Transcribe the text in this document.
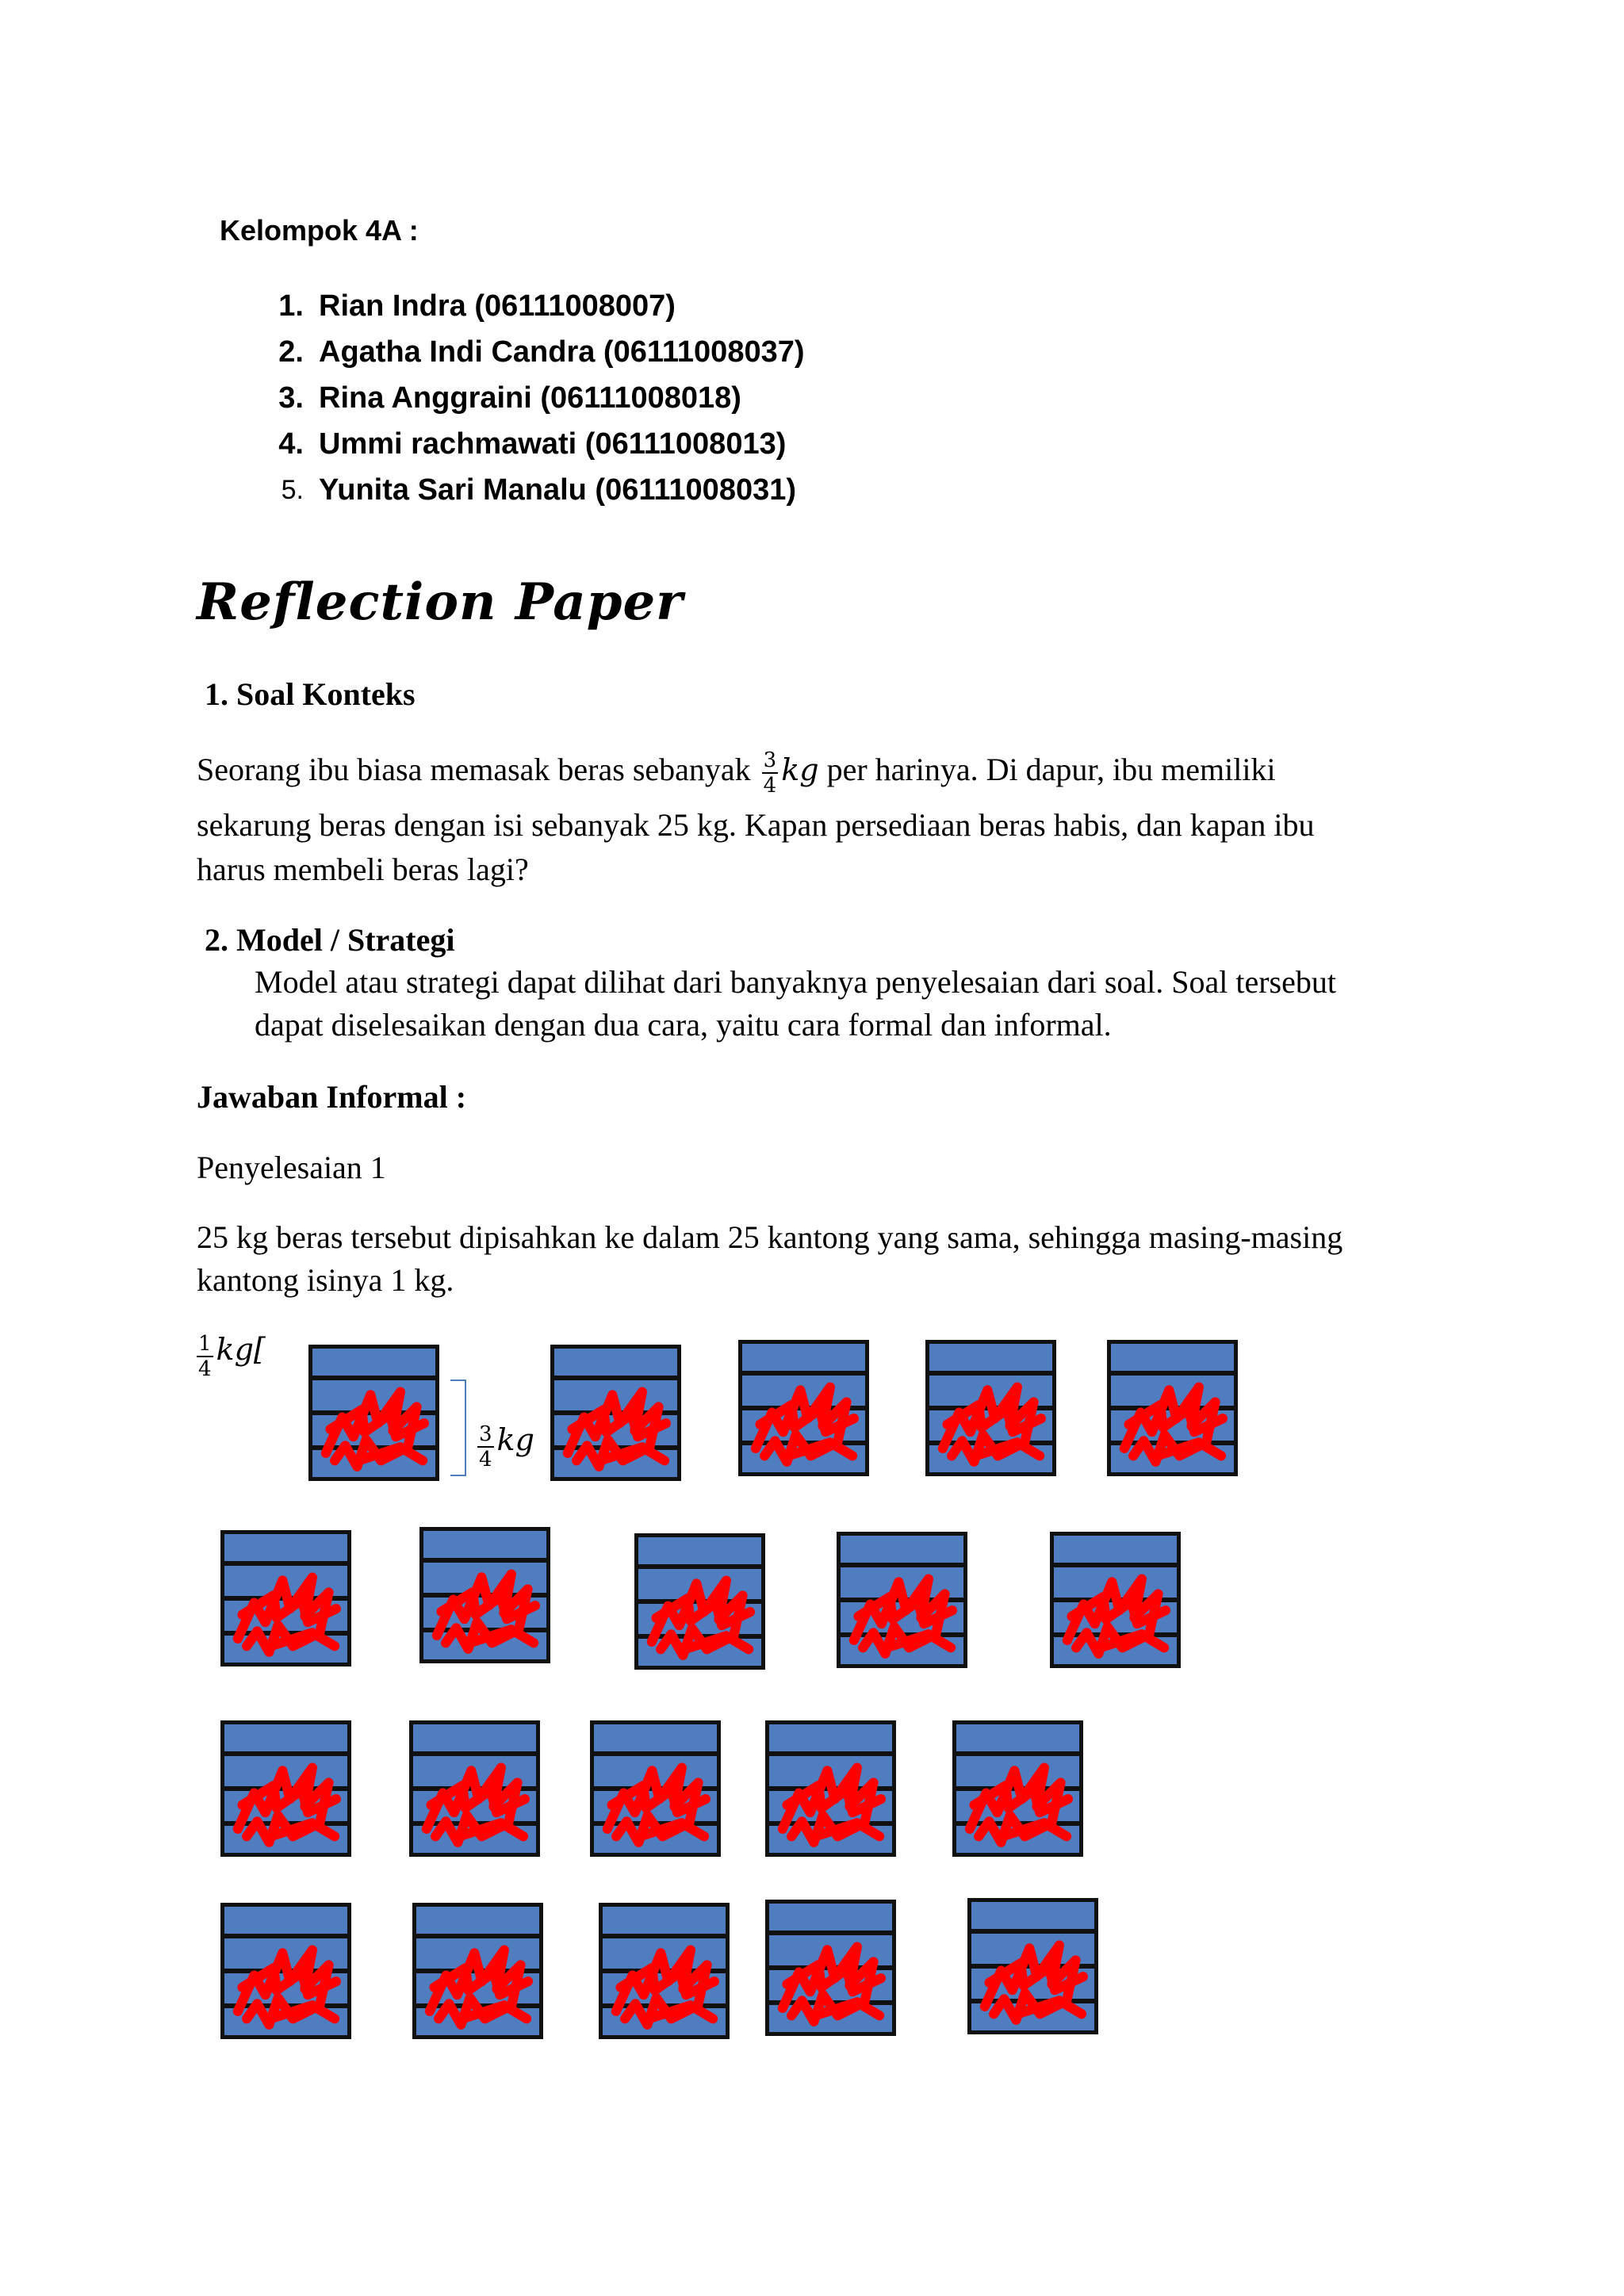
Kelompok 4A :

1. Rian Indra (06111008007)
2. Agatha Indi Candra (06111008037)
3. Rina Anggraini (06111008018)
4. Ummi rachmawati (06111008013)
5. Yunita Sari Manalu (06111008031)

Reflection Paper

1. Soal Konteks

Seorang ibu biasa memasak beras sebanyak $\frac{3}{4}$ kg per harinya. Di dapur, ibu memiliki

sekarung beras dengan isi sebanyak 25 kg. Kapan persediaan beras habis, dan kapan ibu

harus membeli beras lagi?

2. Model / Strategi

Model atau strategi dapat dilihat dari banyaknya penyelesaian dari soal. Soal tersebut

dapat diselesaikan dengan dua cara, yaitu cara formal dan informal.

Jawaban Informal :

Penyelesaian 1

25 kg beras tersebut dipisahkan ke dalam 25 kantong yang sama, sehingga masing-masing

kantong isinya 1 kg.

$\frac{1}{4} kg$[
$\frac{3}{4}$ kg
